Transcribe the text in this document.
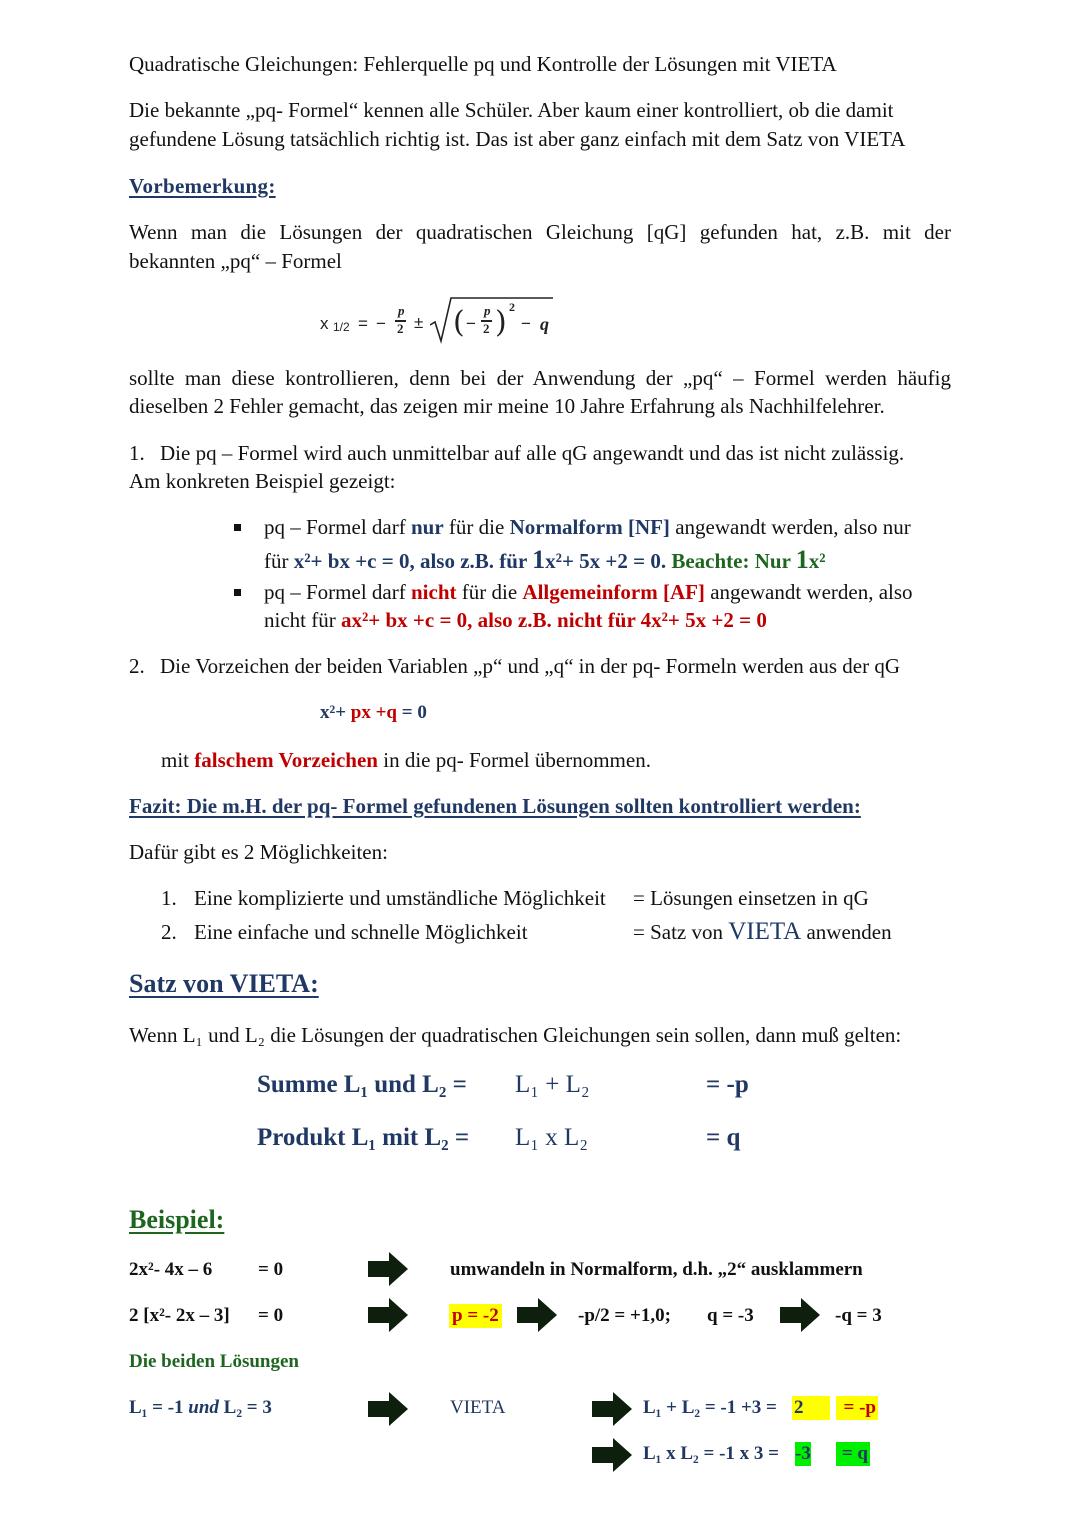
Quadratische Gleichungen: Fehlerquelle pq und Kontrolle der Lösungen mit VIETA
Die bekannte „pq- Formel“ kennen alle Schüler. Aber kaum einer kontrolliert, ob die damit
gefundene Lösung tatsächlich richtig ist. Das ist aber ganz einfach mit dem Satz von VIETA
Vorbemerkung:
Wenn man die Lösungen der quadratischen Gleichung [qG] gefunden hat, z.B. mit der
bekannten „pq“ – Formel
x 1/2 = −
p
2 ± ( −
p
2 ) 2
− q
sollte man diese kontrollieren, denn bei der Anwendung der „pq“ – Formel werden häufig
dieselben 2 Fehler gemacht, das zeigen mir meine 10 Jahre Erfahrung als Nachhilfelehrer.
1. Die pq – Formel wird auch unmittelbar auf alle qG angewandt und das ist nicht zulässig.
Am konkreten Beispiel gezeigt:
pq – Formel darf nur für die Normalform [NF] angewandt werden, also nur
für x²+ bx +c = 0, also z.B. für 1x²+ 5x +2 = 0. Beachte: Nur 1x²
pq – Formel darf nicht für die Allgemeinform [AF] angewandt werden, also
nicht für ax²+ bx +c = 0, also z.B. nicht für 4x²+ 5x +2 = 0
2. Die Vorzeichen der beiden Variablen „p“ und „q“ in der pq- Formeln werden aus der qG
x²+ px +q = 0
mit falschem Vorzeichen in die pq- Formel übernommen.
Fazit: Die m.H. der pq- Formel gefundenen Lösungen sollten kontrolliert werden:
Dafür gibt es 2 Möglichkeiten:
1. Eine komplizierte und umständliche Möglichkeit = Lösungen einsetzen in qG
2. Eine einfache und schnelle Möglichkeit	= Satz von VIETA anwenden
Satz von VIETA:
Wenn L₁ und L₂ die Lösungen der quadratischen Gleichungen sein sollen, dann muß gelten:
Summe L₁ und L₂ = L₁ + L₂	= -p
Produkt L₁ mit L₂ = L₁ x L₂	= q
Beispiel:
2x²- 4x – 6 = 0	umwandeln in Normalform, d.h. „2“ ausklammern
2 [x²- 2x – 3] = 0	p = -2	-p/2 = +1,0; q = -3	-q = 3
Die beiden Lösungen
L₁ = -1 und L₂ = 3	VIETA	L₁ + L₂ = -1 +3 = 2	= -p
L₁ x L₂ = -1 x 3 = -3	= q
